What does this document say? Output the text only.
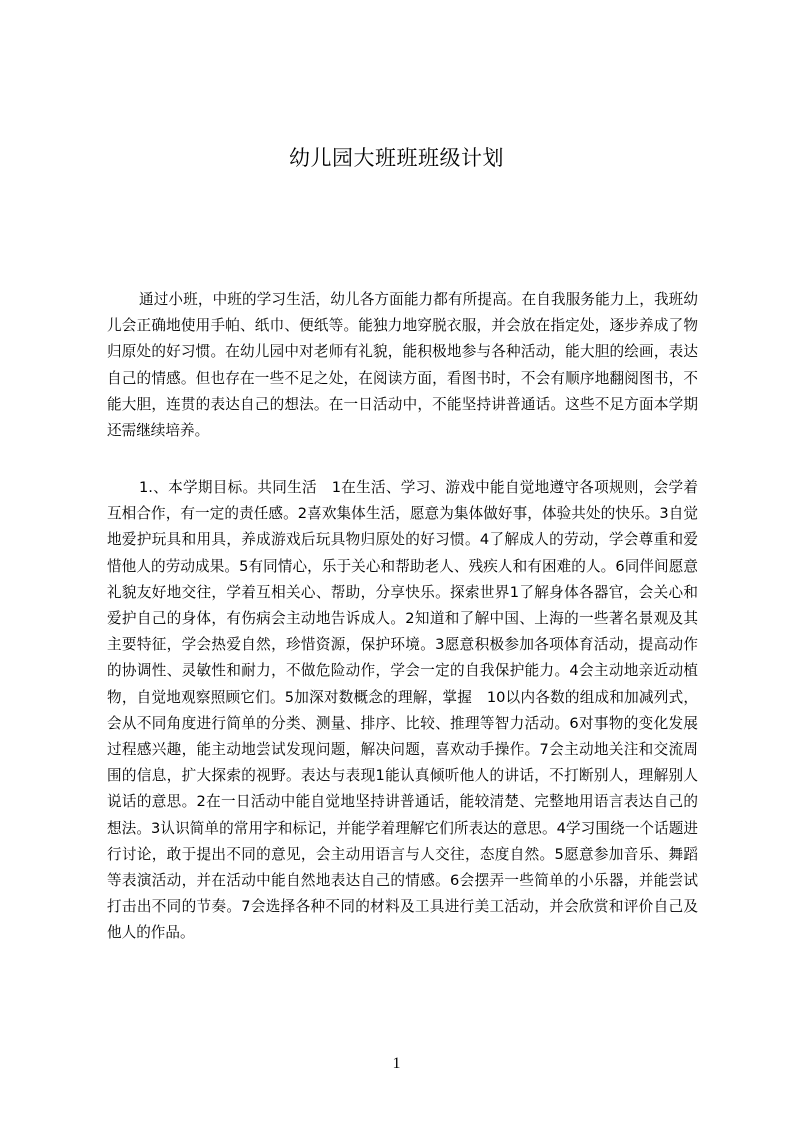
幼儿园大班班班级计划

通过小班，中班的学习生活，幼儿各方面能力都有所提高。在自我服务能力上，我班幼儿会正确地使用手帕、纸巾、便纸等。能独力地穿脱衣服，并会放在指定处，逐步养成了物归原处的好习惯。在幼儿园中对老师有礼貌，能积极地参与各种活动，能大胆的绘画，表达自己的情感。但也存在一些不足之处，在阅读方面，看图书时，不会有顺序地翻阅图书，不能大胆，连贯的表达自己的想法。在一日活动中，不能坚持讲普通话。这些不足方面本学期还需继续培养。

1.、本学期目标。共同生活　1在生活、学习、游戏中能自觉地遵守各项规则，会学着互相合作，有一定的责任感。2喜欢集体生活，愿意为集体做好事，体验共处的快乐。3自觉地爱护玩具和用具，养成游戏后玩具物归原处的好习惯。4了解成人的劳动，学会尊重和爱惜他人的劳动成果。5有同情心，乐于关心和帮助老人、残疾人和有困难的人。6同伴间愿意礼貌友好地交往，学着互相关心、帮助，分享快乐。探索世界1了解身体各器官，会关心和爱护自己的身体，有伤病会主动地告诉成人。2知道和了解中国、上海的一些著名景观及其主要特征，学会热爱自然，珍惜资源，保护环境。3愿意积极参加各项体育活动，提高动作的协调性、灵敏性和耐力，不做危险动作，学会一定的自我保护能力。4会主动地亲近动植物，自觉地观察照顾它们。5加深对数概念的理解，掌握　10以内各数的组成和加减列式，会从不同角度进行简单的分类、测量、排序、比较、推理等智力活动。6对事物的变化发展过程感兴趣，能主动地尝试发现问题，解决问题，喜欢动手操作。7会主动地关注和交流周围的信息，扩大探索的视野。表达与表现1能认真倾听他人的讲话，不打断别人，理解别人说话的意思。2在一日活动中能自觉地坚持讲普通话，能较清楚、完整地用语言表达自己的想法。3认识简单的常用字和标记，并能学着理解它们所表达的意思。4学习围绕一个话题进行讨论，敢于提出不同的意见，会主动用语言与人交往，态度自然。5愿意参加音乐、舞蹈等表演活动，并在活动中能自然地表达自己的情感。6会摆弄一些简单的小乐器，并能尝试打击出不同的节奏。7会选择各种不同的材料及工具进行美工活动，并会欣赏和评价自己及他人的作品。

1
